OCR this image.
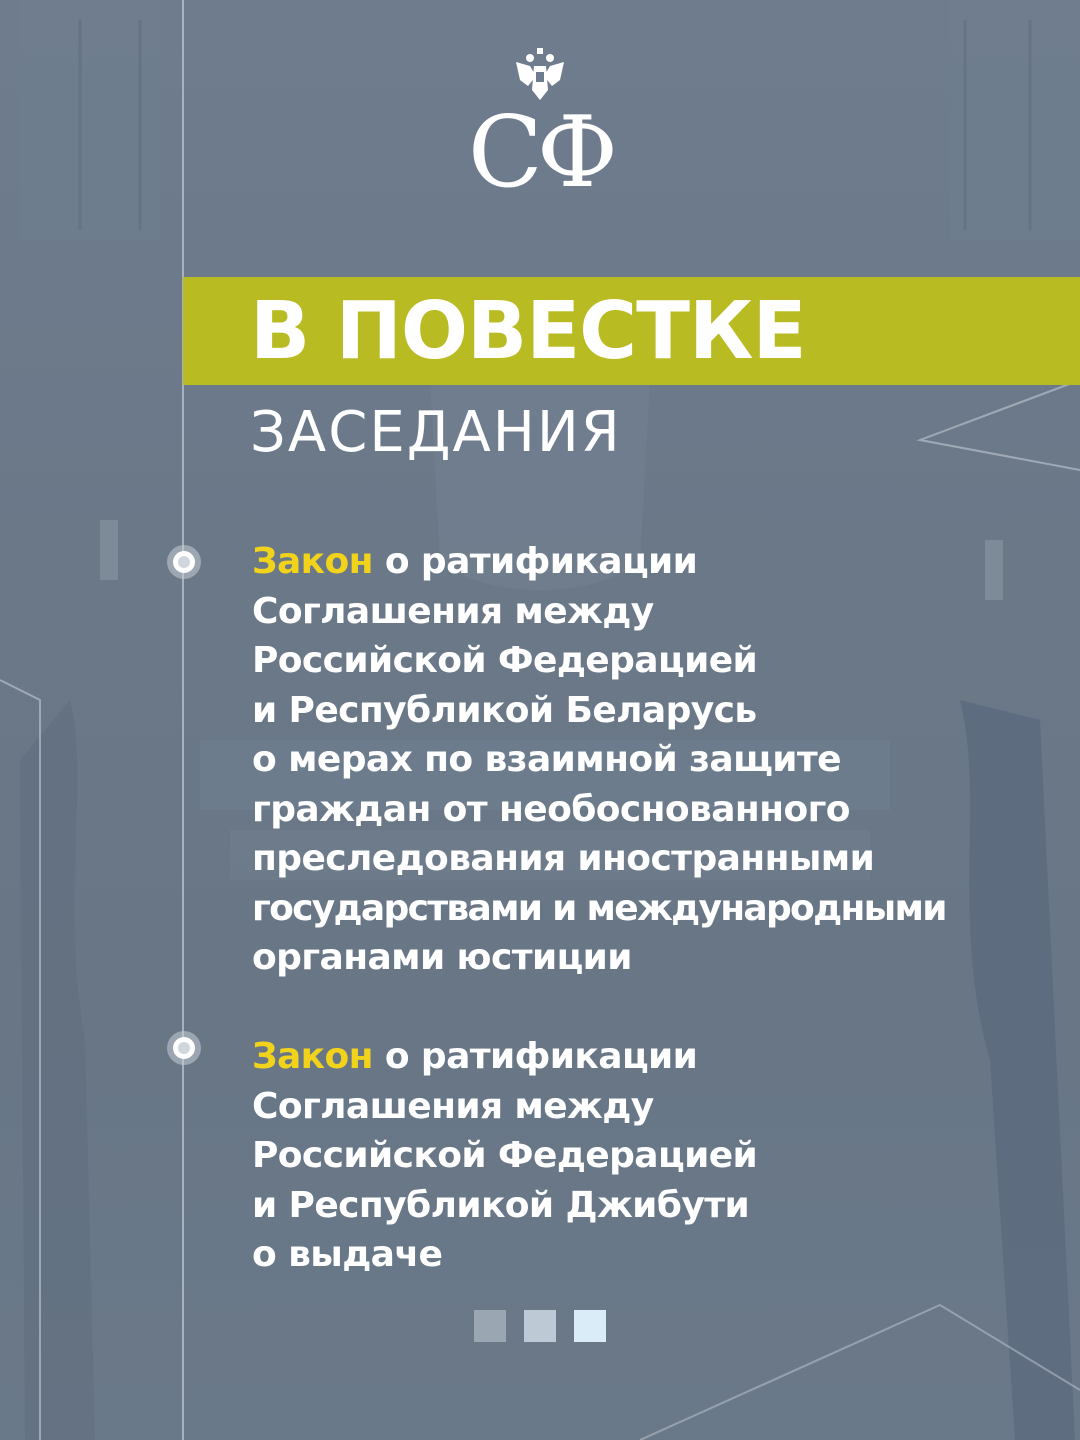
СФ
В ПОВЕСТКЕ
ЗАСЕДАНИЯ
Закон о ратификации
Соглашения между
Российской Федерацией
и Республикой Беларусь
о мерах по взаимной защите
граждан от необоснованного
преследования иностранными
государствами и международными
органами юстиции
Закон о ратификации
Соглашения между
Российской Федерацией
и Республикой Джибути
о выдаче
